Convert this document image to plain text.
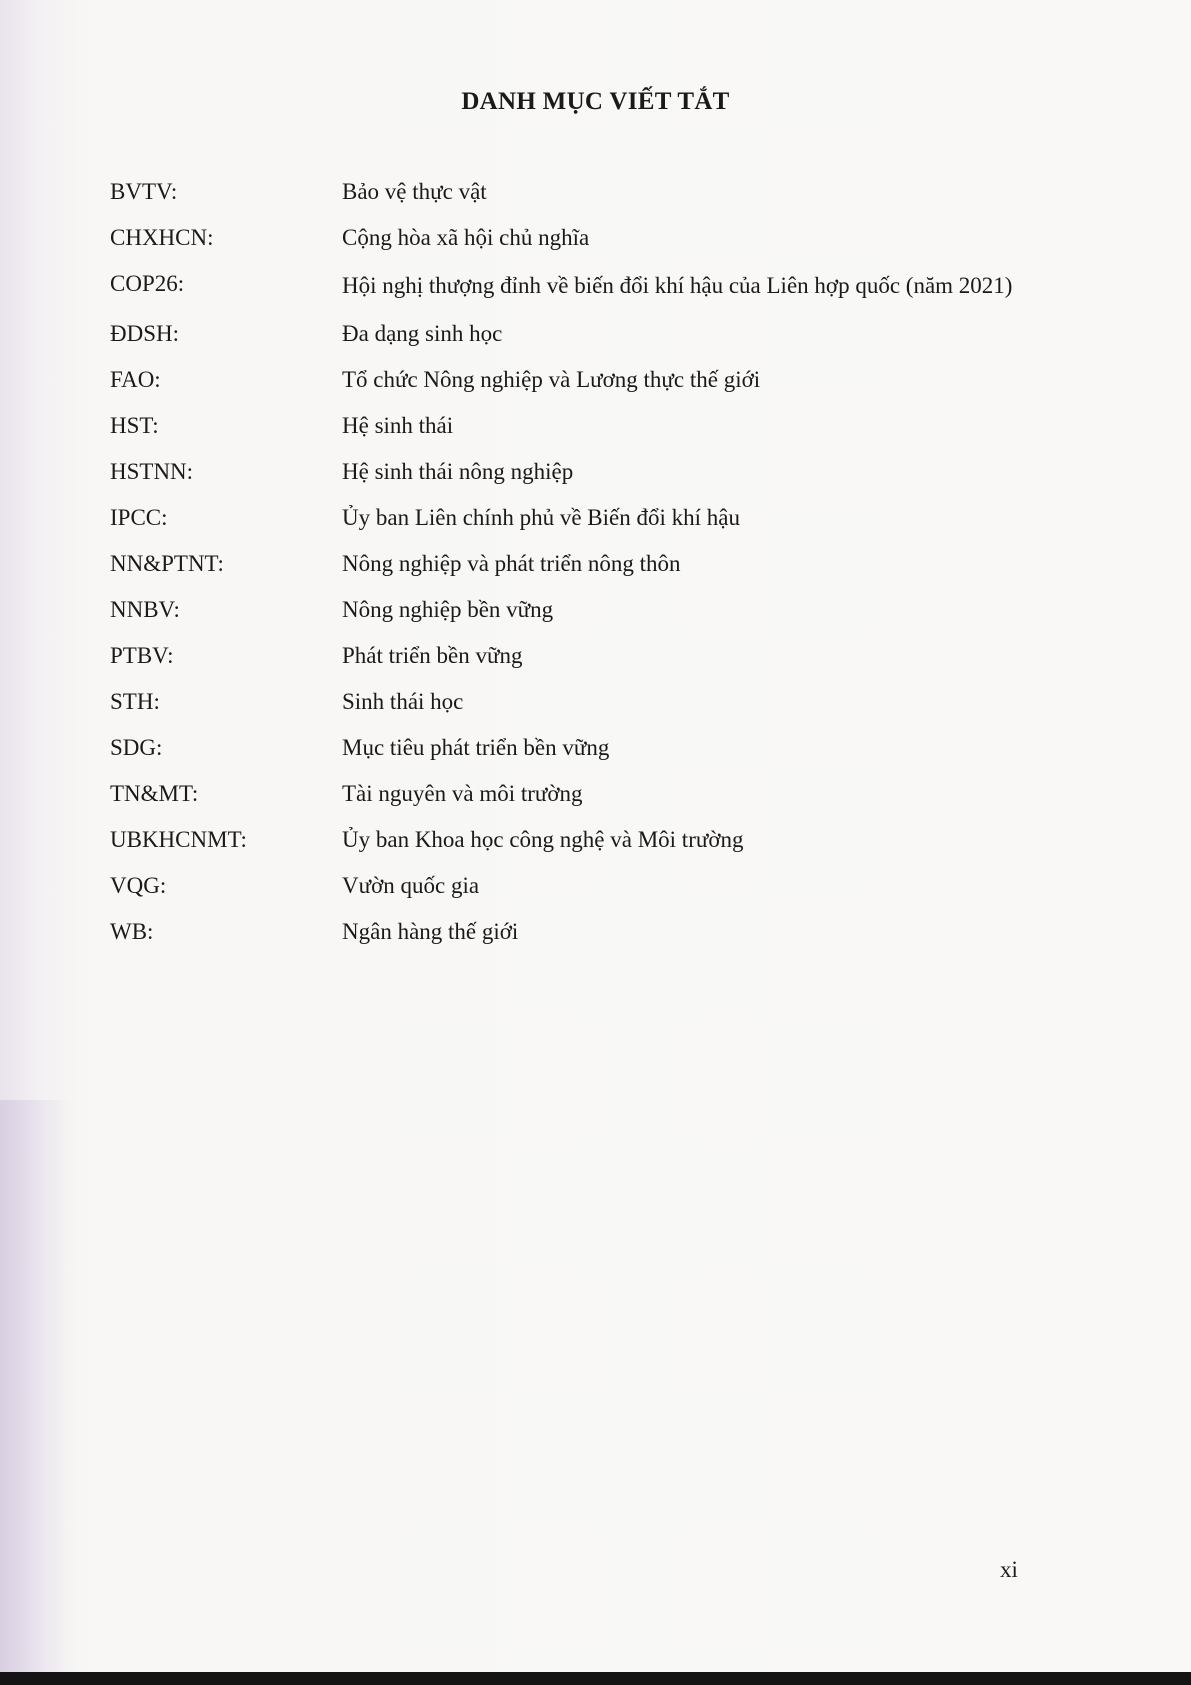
DANH MỤC VIẾT TẮT
BVTV:	Bảo vệ thực vật
CHXHCN:	Cộng hòa xã hội chủ nghĩa
COP26:	Hội nghị thượng đỉnh về biến đổi khí hậu của Liên hợp quốc (năm 2021)
ĐDSH:	Đa dạng sinh học
FAO:	Tổ chức Nông nghiệp và Lương thực thế giới
HST:	Hệ sinh thái
HSTNN:	Hệ sinh thái nông nghiệp
IPCC:	Ủy ban Liên chính phủ về Biến đổi khí hậu
NN&PTNT:	Nông nghiệp và phát triển nông thôn
NNBV:	Nông nghiệp bền vững
PTBV:	Phát triển bền vững
STH:	Sinh thái học
SDG:	Mục tiêu phát triển bền vững
TN&MT:	Tài nguyên và môi trường
UBKHCNMT:	Ủy ban Khoa học công nghệ và Môi trường
VQG:	Vườn quốc gia
WB:	Ngân hàng thế giới
xi
